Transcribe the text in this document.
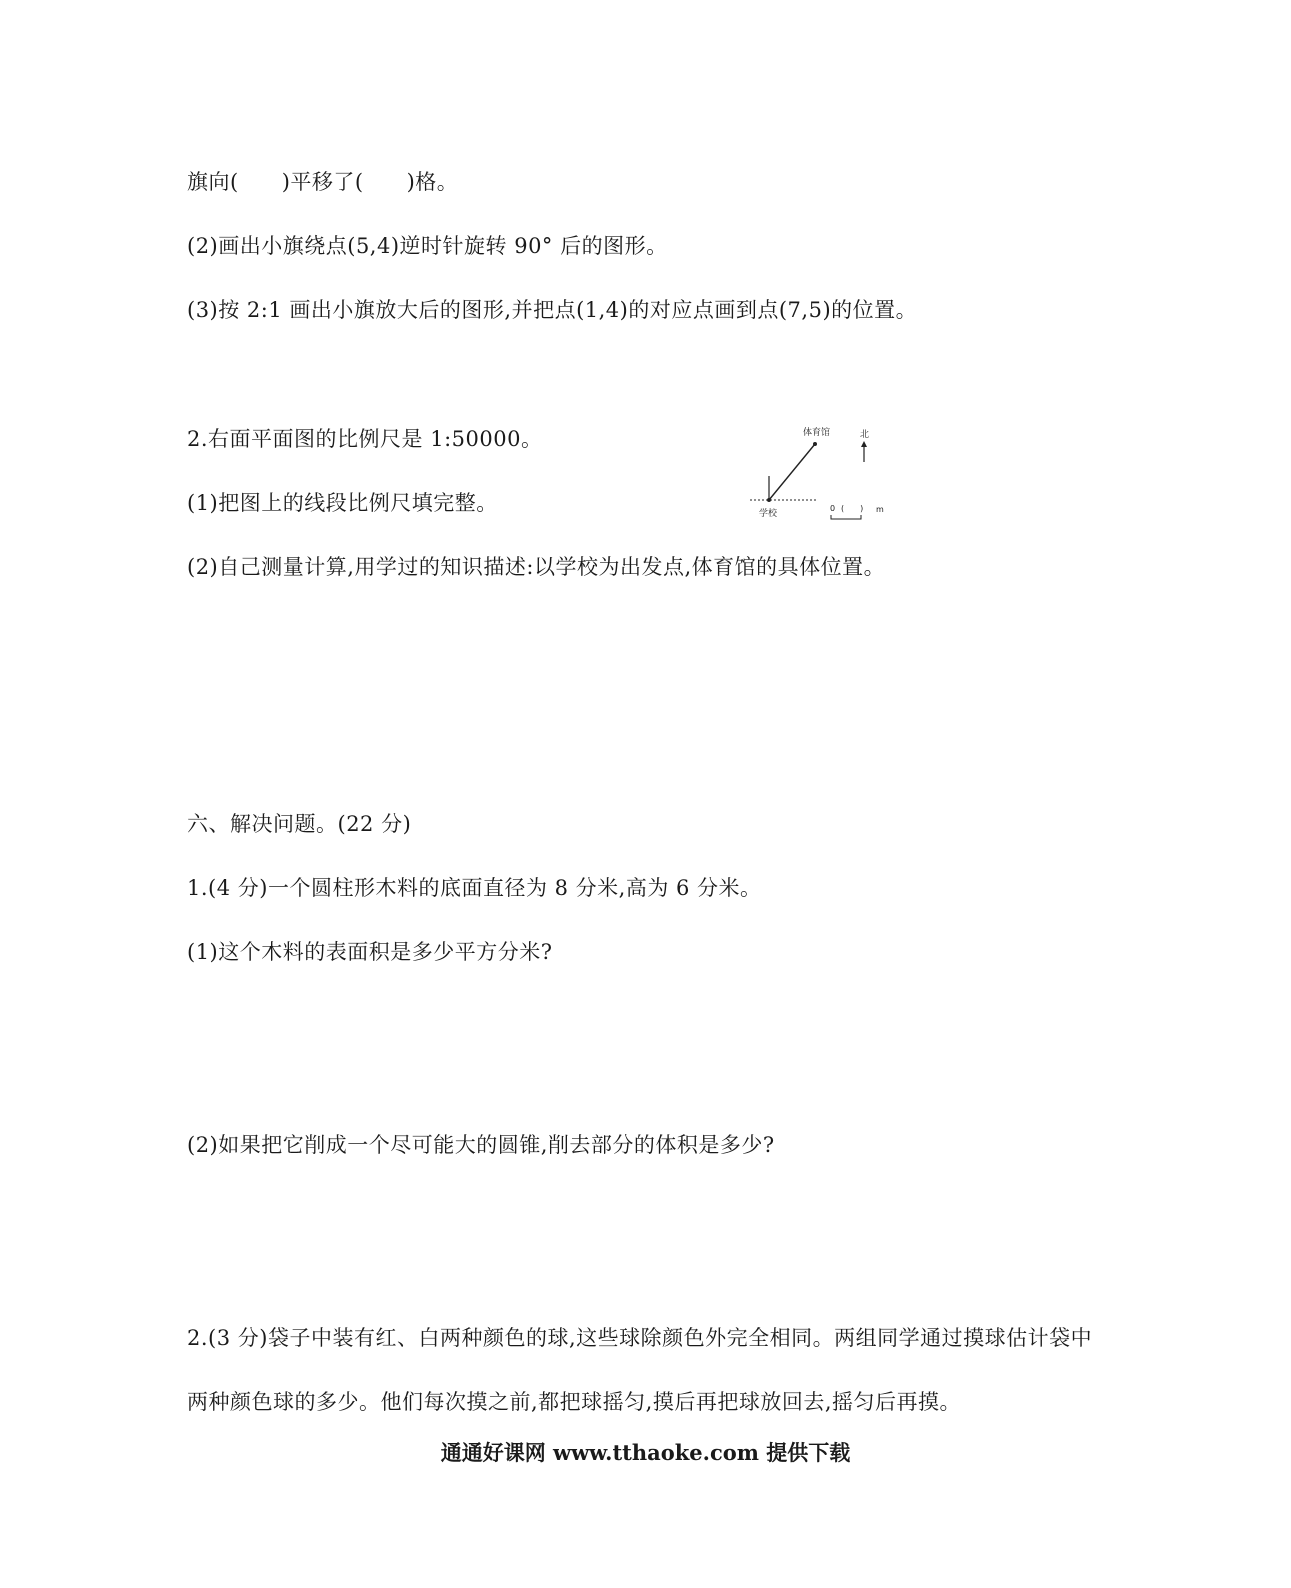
旗向(　　)平移了(　　)格。
(2)画出小旗绕点(5,4)逆时针旋转 90° 后的图形。
(3)按 2:1 画出小旗放大后的图形,并把点(1,4)的对应点画到点(7,5)的位置。
2.右面平面图的比例尺是 1:50000。
(1)把图上的线段比例尺填完整。
(2)自己测量计算,用学过的知识描述:以学校为出发点,体育馆的具体位置。
体育馆
学校
北
0 (　　) m
六、解决问题。(22 分)
1.(4 分)一个圆柱形木料的底面直径为 8 分米,高为 6 分米。
(1)这个木料的表面积是多少平方分米?
(2)如果把它削成一个尽可能大的圆锥,削去部分的体积是多少?
2.(3 分)袋子中装有红、白两种颜色的球,这些球除颜色外完全相同。两组同学通过摸球估计袋中
两种颜色球的多少。他们每次摸之前,都把球摇匀,摸后再把球放回去,摇匀后再摸。
通通好课网 www.tthaoke.com 提供下载
